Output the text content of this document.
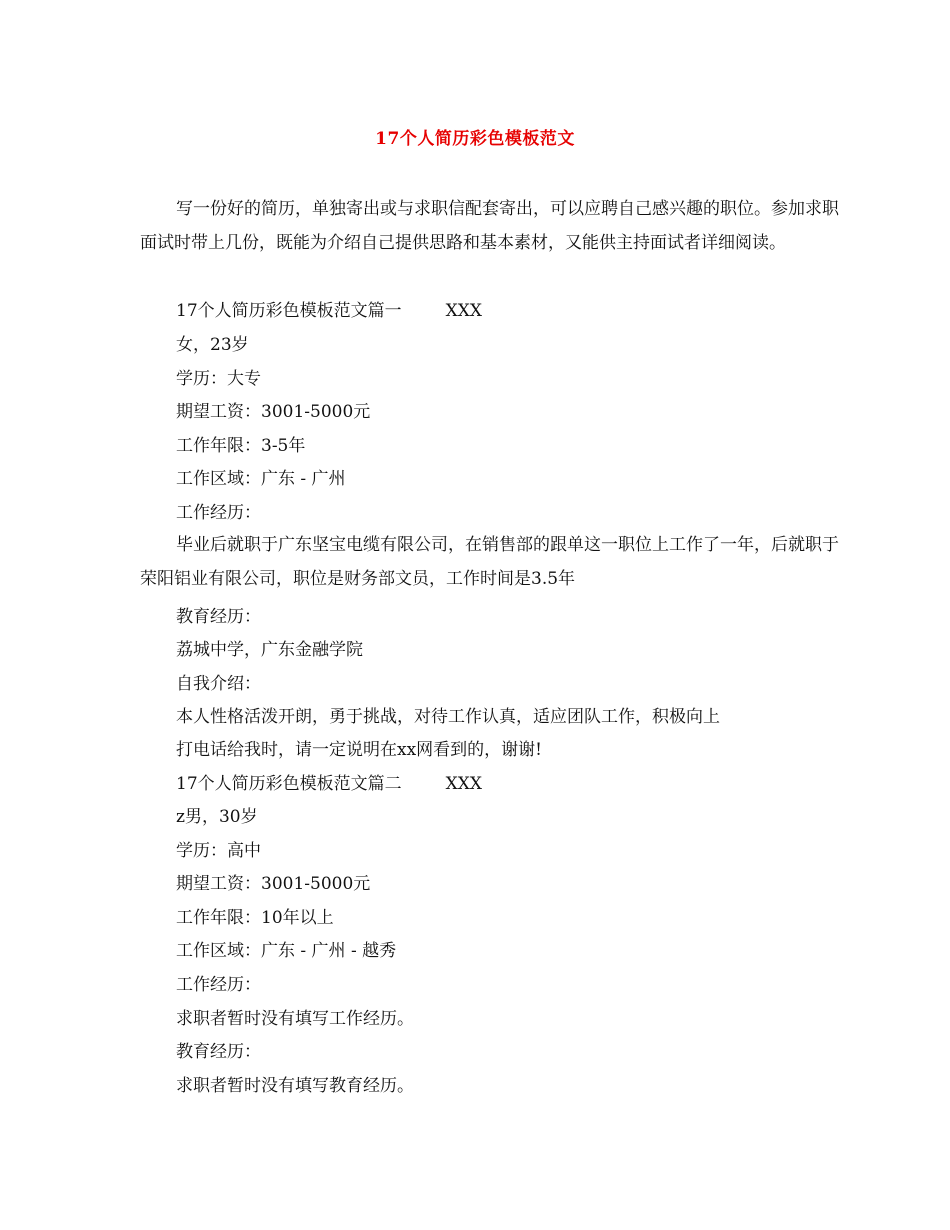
17个人简历彩色模板范文
写一份好的简历，单独寄出或与求职信配套寄出，可以应聘自己感兴趣的职位。参加求职面试时带上几份，既能为介绍自己提供思路和基本素材，又能供主持面试者详细阅读。
17个人简历彩色模板范文篇一	XXX
女，23岁
学历：大专
期望工资：3001-5000元
工作年限：3-5年
工作区域：广东 - 广州
工作经历：
毕业后就职于广东坚宝电缆有限公司，在销售部的跟单这一职位上工作了一年，后就职于荣阳铝业有限公司，职位是财务部文员，工作时间是3.5年
教育经历：
荔城中学，广东金融学院
自我介绍：
本人性格活泼开朗，勇于挑战，对待工作认真，适应团队工作，积极向上
打电话给我时，请一定说明在xx网看到的，谢谢!
17个人简历彩色模板范文篇二	XXX
z男，30岁
学历：高中
期望工资：3001-5000元
工作年限：10年以上
工作区域：广东 - 广州 - 越秀
工作经历：
求职者暂时没有填写工作经历。
教育经历：
求职者暂时没有填写教育经历。
